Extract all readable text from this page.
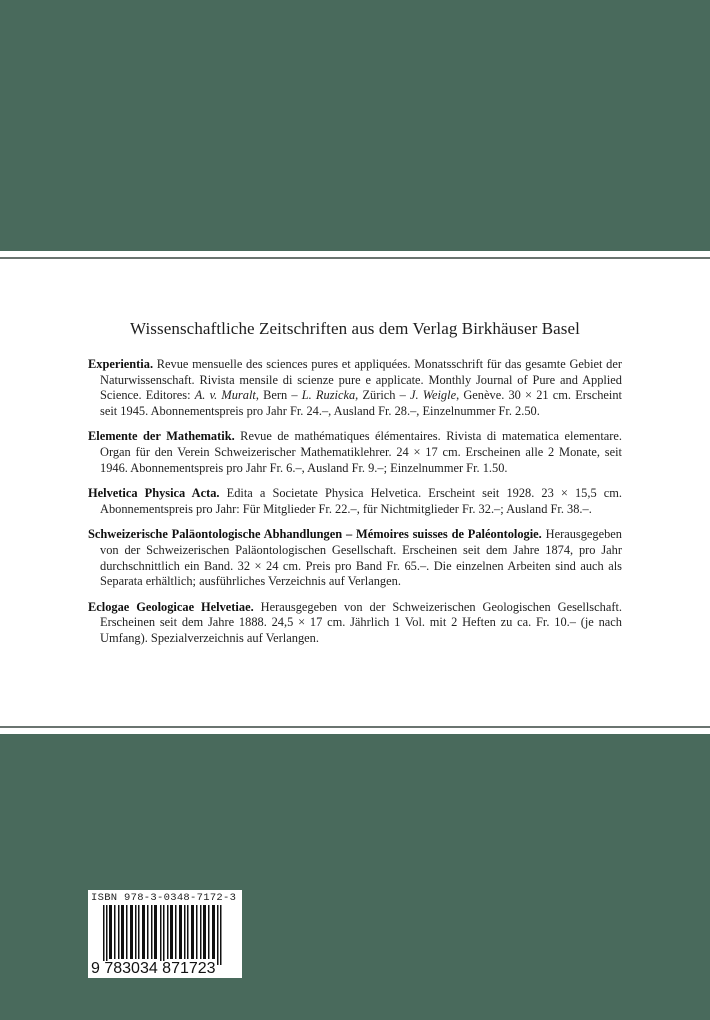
Wissenschaftliche Zeitschriften aus dem Verlag Birkhäuser Basel

Experientia. Revue mensuelle des sciences pures et appliquées. Monatsschrift für das gesamte Gebiet der Naturwissenschaft. Rivista mensile di scienze pure e applicate. Monthly Journal of Pure and Applied Science. Editores: A. v. Muralt, Bern – L. Ruzicka, Zürich – J. Weigle, Genève. 30 × 21 cm. Erscheint seit 1945. Abonnementspreis pro Jahr Fr. 24.–, Ausland Fr. 28.–, Einzelnummer Fr. 2.50.

Elemente der Mathematik. Revue de mathématiques élémentaires. Rivista di matematica elementare. Organ für den Verein Schweizerischer Mathematiklehrer. 24 × 17 cm. Erscheinen alle 2 Monate, seit 1946. Abonnementspreis pro Jahr Fr. 6.–, Ausland Fr. 9.–; Einzelnummer Fr. 1.50.

Helvetica Physica Acta. Edita a Societate Physica Helvetica. Erscheint seit 1928. 23 × 15,5 cm. Abonnementspreis pro Jahr: Für Mitglieder Fr. 22.–, für Nichtmitglieder Fr. 32.–; Ausland Fr. 38.–.

Schweizerische Paläontologische Abhandlungen – Mémoires suisses de Paléontologie. Herausgegeben von der Schweizerischen Paläontologischen Gesellschaft. Erscheinen seit dem Jahre 1874, pro Jahr durchschnittlich ein Band. 32 × 24 cm. Preis pro Band Fr. 65.–. Die einzelnen Arbeiten sind auch als Separata erhältlich; ausführliches Verzeichnis auf Verlangen.

Eclogae Geologicae Helvetiae. Herausgegeben von der Schweizerischen Geologischen Gesellschaft. Erscheinen seit dem Jahre 1888. 24,5 × 17 cm. Jährlich 1 Vol. mit 2 Heften zu ca. Fr. 10.– (je nach Umfang). Spezialverzeichnis auf Verlangen.

ISBN 978-3-0348-7172-3
9 783034 871723
